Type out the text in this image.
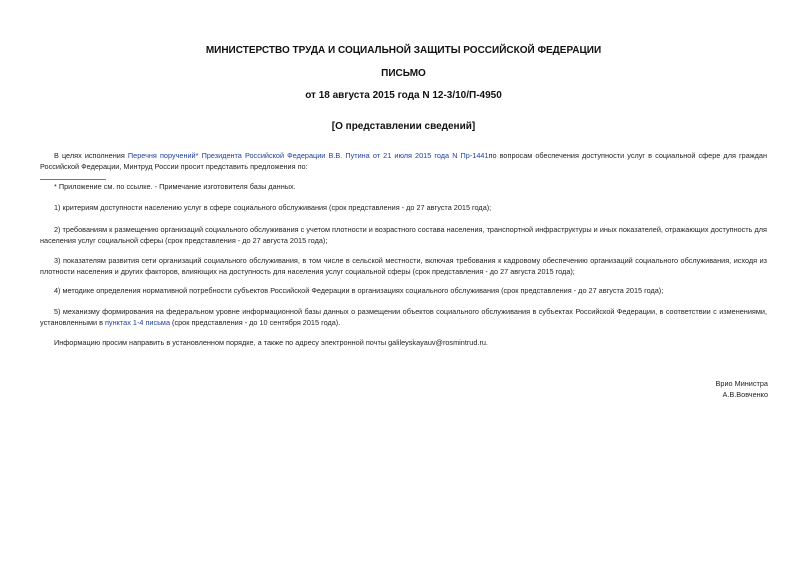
МИНИСТЕРСТВО ТРУДА И СОЦИАЛЬНОЙ ЗАЩИТЫ РОССИЙСКОЙ ФЕДЕРАЦИИ
ПИСЬМО
от 18 августа 2015 года N 12-3/10/П-4950
[О представлении сведений]
В целях исполнения Перечня поручений* Президента Российской Федерации В.В. Путина от 21 июля 2015 года N Пр-1441по вопросам обеспечения доступности услуг в социальной сфере для граждан Российской Федерации, Минтруд России просит представить предложения по:
* Приложение см. по ссылке. - Примечание изготовителя базы данных.
1) критериям доступности населению услуг в сфере социального обслуживания (срок представления - до 27 августа 2015 года);
2) требованиям к размещению организаций социального обслуживания с учетом плотности и возрастного состава населения, транспортной инфраструктуры и иных показателей, отражающих доступность для населения услуг социальной сферы (срок представления - до 27 августа 2015 года);
3) показателям развития сети организаций социального обслуживания, в том числе в сельской местности, включая требования к кадровому обеспечению организаций социального обслуживания, исходя из плотности населения и других факторов, влияющих на доступность для населения услуг социальной сферы (срок представления - до 27 августа 2015 года);
4) методике определения нормативной потребности субъектов Российской Федерации в организациях социального обслуживания (срок представления - до 27 августа 2015 года);
5) механизму формирования на федеральном уровне информационной базы данных о размещении объектов социального обслуживания в субъектах Российской Федерации, в соответствии с изменениями, установленными в пунктах 1-4 письма (срок представления - до 10 сентября 2015 года).
Информацию просим направить в установленном порядке, а также по адресу электронной почты galileyskayauv@rosmintrud.ru.
Врио Министра
А.В.Вовченко
